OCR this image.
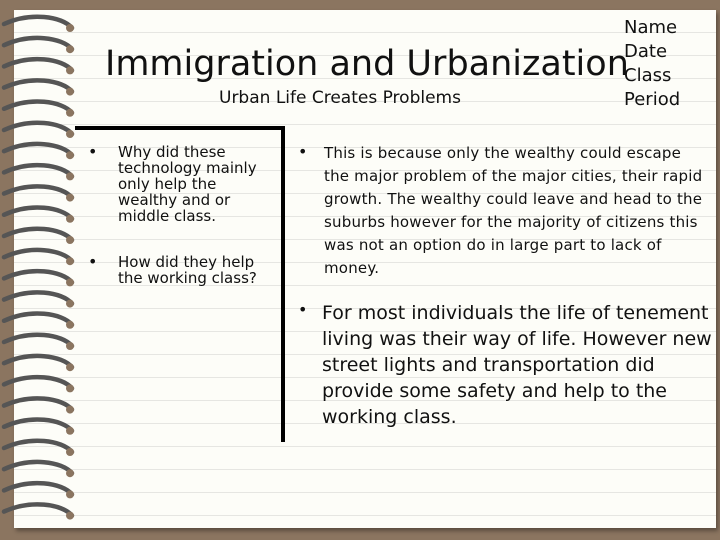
Immigration and Urbanization
Urban Life Creates Problems
Name
Date
Class
Period
• Why did these technology mainly only help the wealthy and or middle class.

• How did they help the working class?

• This is because only the wealthy could escape the major problem of the major cities, their rapid growth. The wealthy could leave and head to the suburbs however for the majority of citizens this was not an option do in large part to lack of money.

• For most individuals the life of tenement living was their way of life. However new street lights and transportation did provide some safety and help to the working class.
